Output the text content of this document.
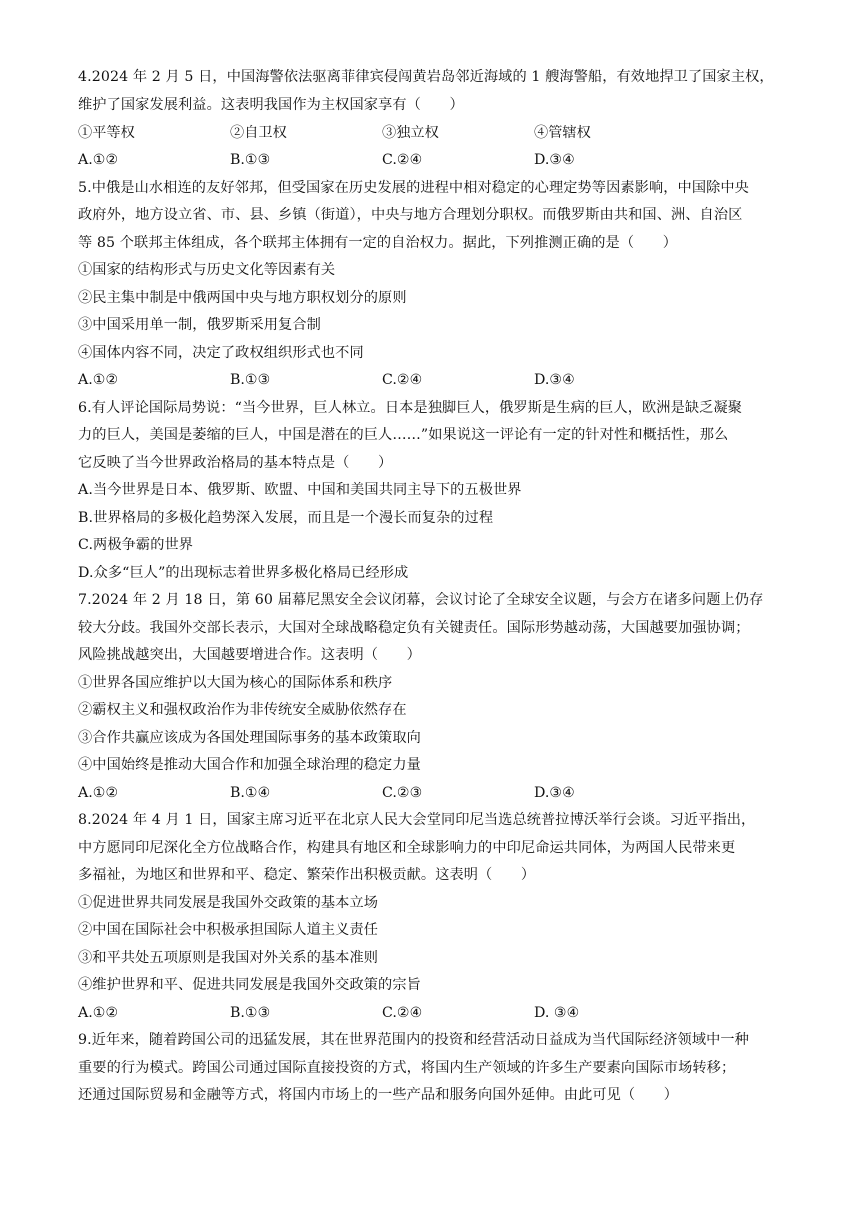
4.2024 年 2 月 5 日，中国海警依法驱离菲律宾侵闯黄岩岛邻近海域的 1 艘海警船，有效地捍卫了国家主权，
维护了国家发展利益。这表明我国作为主权国家享有（　　）
①平等权	②自卫权	③独立权	④管辖权
A.①②	B.①③	C.②④	D.③④
5.中俄是山水相连的友好邻邦，但受国家在历史发展的进程中相对稳定的心理定势等因素影响，中国除中央
政府外，地方设立省、市、县、乡镇（街道），中央与地方合理划分职权。而俄罗斯由共和国、洲、自治区
等 85 个联邦主体组成，各个联邦主体拥有一定的自治权力。据此，下列推测正确的是（　　）
①国家的结构形式与历史文化等因素有关
②民主集中制是中俄两国中央与地方职权划分的原则
③中国采用单一制，俄罗斯采用复合制
④国体内容不同，决定了政权组织形式也不同
A.①②	B.①③	C.②④	D.③④
6.有人评论国际局势说：“当今世界，巨人林立。日本是独脚巨人，俄罗斯是生病的巨人，欧洲是缺乏凝聚
力的巨人，美国是萎缩的巨人，中国是潜在的巨人……”如果说这一评论有一定的针对性和概括性，那么
它反映了当今世界政治格局的基本特点是（　　）
A.当今世界是日本、俄罗斯、欧盟、中国和美国共同主导下的五极世界
B.世界格局的多极化趋势深入发展，而且是一个漫长而复杂的过程
C.两极争霸的世界
D.众多“巨人”的出现标志着世界多极化格局已经形成
7.2024 年 2 月 18 日，第 60 届幕尼黑安全会议闭幕，会议讨论了全球安全议题，与会方在诸多问题上仍存
较大分歧。我国外交部长表示，大国对全球战略稳定负有关键责任。国际形势越动荡，大国越要加强协调；
风险挑战越突出，大国越要增进合作。这表明（　　）
①世界各国应维护以大国为核心的国际体系和秩序
②霸权主义和强权政治作为非传统安全威胁依然存在
③合作共赢应该成为各国处理国际事务的基本政策取向
④中国始终是推动大国合作和加强全球治理的稳定力量
A.①②	B.①④	C.②③	D.③④
8.2024 年 4 月 1 日，国家主席习近平在北京人民大会堂同印尼当选总统普拉博沃举行会谈。习近平指出，
中方愿同印尼深化全方位战略合作，构建具有地区和全球影响力的中印尼命运共同体，为两国人民带来更
多福祉，为地区和世界和平、稳定、繁荣作出积极贡献。这表明（　　）
①促进世界共同发展是我国外交政策的基本立场
②中国在国际社会中积极承担国际人道主义责任
③和平共处五项原则是我国对外关系的基本准则
④维护世界和平、促进共同发展是我国外交政策的宗旨
A.①②	B.①③	C.②④	D. ③④
9.近年来，随着跨国公司的迅猛发展，其在世界范围内的投资和经营活动日益成为当代国际经济领域中一种
重要的行为模式。跨国公司通过国际直接投资的方式，将国内生产领域的许多生产要素向国际市场转移；
还通过国际贸易和金融等方式，将国内市场上的一些产品和服务向国外延伸。由此可见（　　）
